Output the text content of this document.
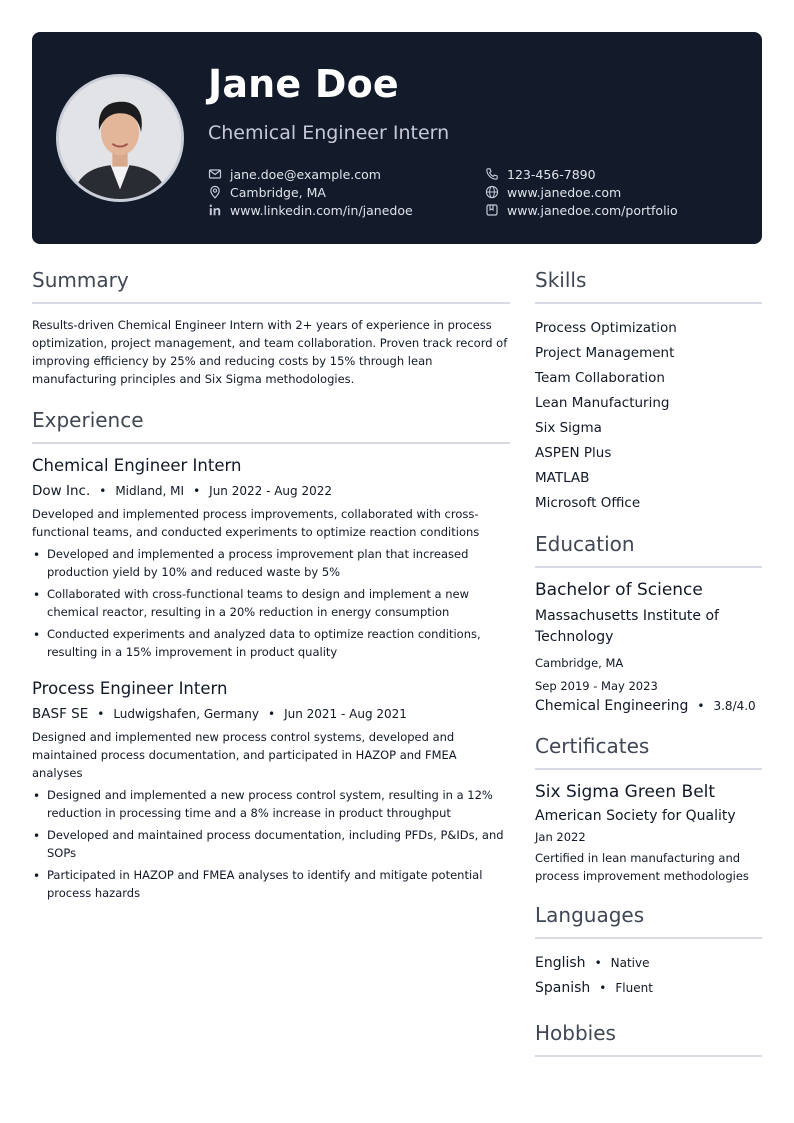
Jane Doe
Chemical Engineer Intern
jane.doe@example.com	123-456-7890
Cambridge, MA	www.janedoe.com
www.linkedin.com/in/janedoe	www.janedoe.com/portfolio
Summary
Results-driven Chemical Engineer Intern with 2+ years of experience in process optimization, project management, and team collaboration. Proven track record of improving efficiency by 25% and reducing costs by 15% through lean manufacturing principles and Six Sigma methodologies.
Experience
Chemical Engineer Intern
Dow Inc. • Midland, MI • Jun 2022 - Aug 2022
Developed and implemented process improvements, collaborated with cross-functional teams, and conducted experiments to optimize reaction conditions
• Developed and implemented a process improvement plan that increased production yield by 10% and reduced waste by 5%
• Collaborated with cross-functional teams to design and implement a new chemical reactor, resulting in a 20% reduction in energy consumption
• Conducted experiments and analyzed data to optimize reaction conditions, resulting in a 15% improvement in product quality
Process Engineer Intern
BASF SE • Ludwigshafen, Germany • Jun 2021 - Aug 2021
Designed and implemented new process control systems, developed and maintained process documentation, and participated in HAZOP and FMEA analyses
• Designed and implemented a new process control system, resulting in a 12% reduction in processing time and a 8% increase in product throughput
• Developed and maintained process documentation, including PFDs, P&IDs, and SOPs
• Participated in HAZOP and FMEA analyses to identify and mitigate potential process hazards
Skills
Process Optimization
Project Management
Team Collaboration
Lean Manufacturing
Six Sigma
ASPEN Plus
MATLAB
Microsoft Office
Education
Bachelor of Science
Massachusetts Institute of Technology
Cambridge, MA
Sep 2019 - May 2023
Chemical Engineering • 3.8/4.0
Certificates
Six Sigma Green Belt
American Society for Quality
Jan 2022
Certified in lean manufacturing and process improvement methodologies
Languages
English • Native
Spanish • Fluent
Hobbies
